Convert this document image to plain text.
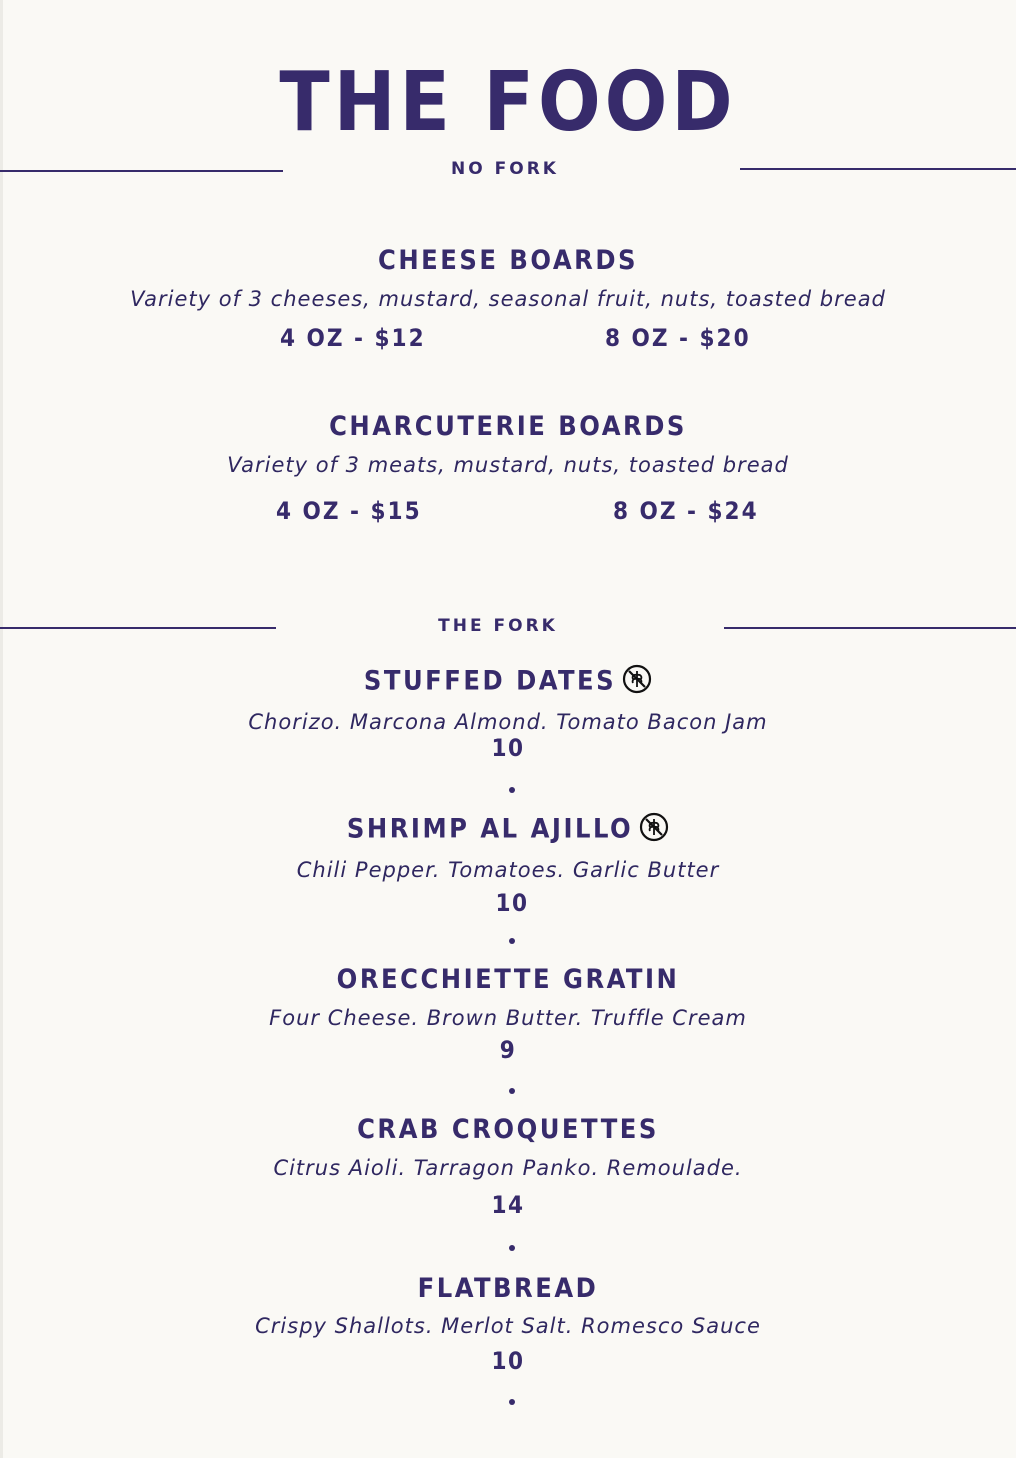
THE FOOD
NO FORK
CHEESE BOARDS
Variety of 3 cheeses, mustard, seasonal fruit, nuts, toasted bread
4 OZ - $12	8 OZ - $20
CHARCUTERIE BOARDS
Variety of 3 meats, mustard, nuts, toasted bread
4 OZ - $15	8 OZ - $24
THE FORK
STUFFED DATES
Chorizo. Marcona Almond. Tomato Bacon Jam
10
SHRIMP AL AJILLO
Chili Pepper. Tomatoes. Garlic Butter
10
ORECCHIETTE GRATIN
Four Cheese. Brown Butter. Truffle Cream
9
CRAB CROQUETTES
Citrus Aioli. Tarragon Panko. Remoulade.
14
FLATBREAD
Crispy Shallots. Merlot Salt. Romesco Sauce
10
